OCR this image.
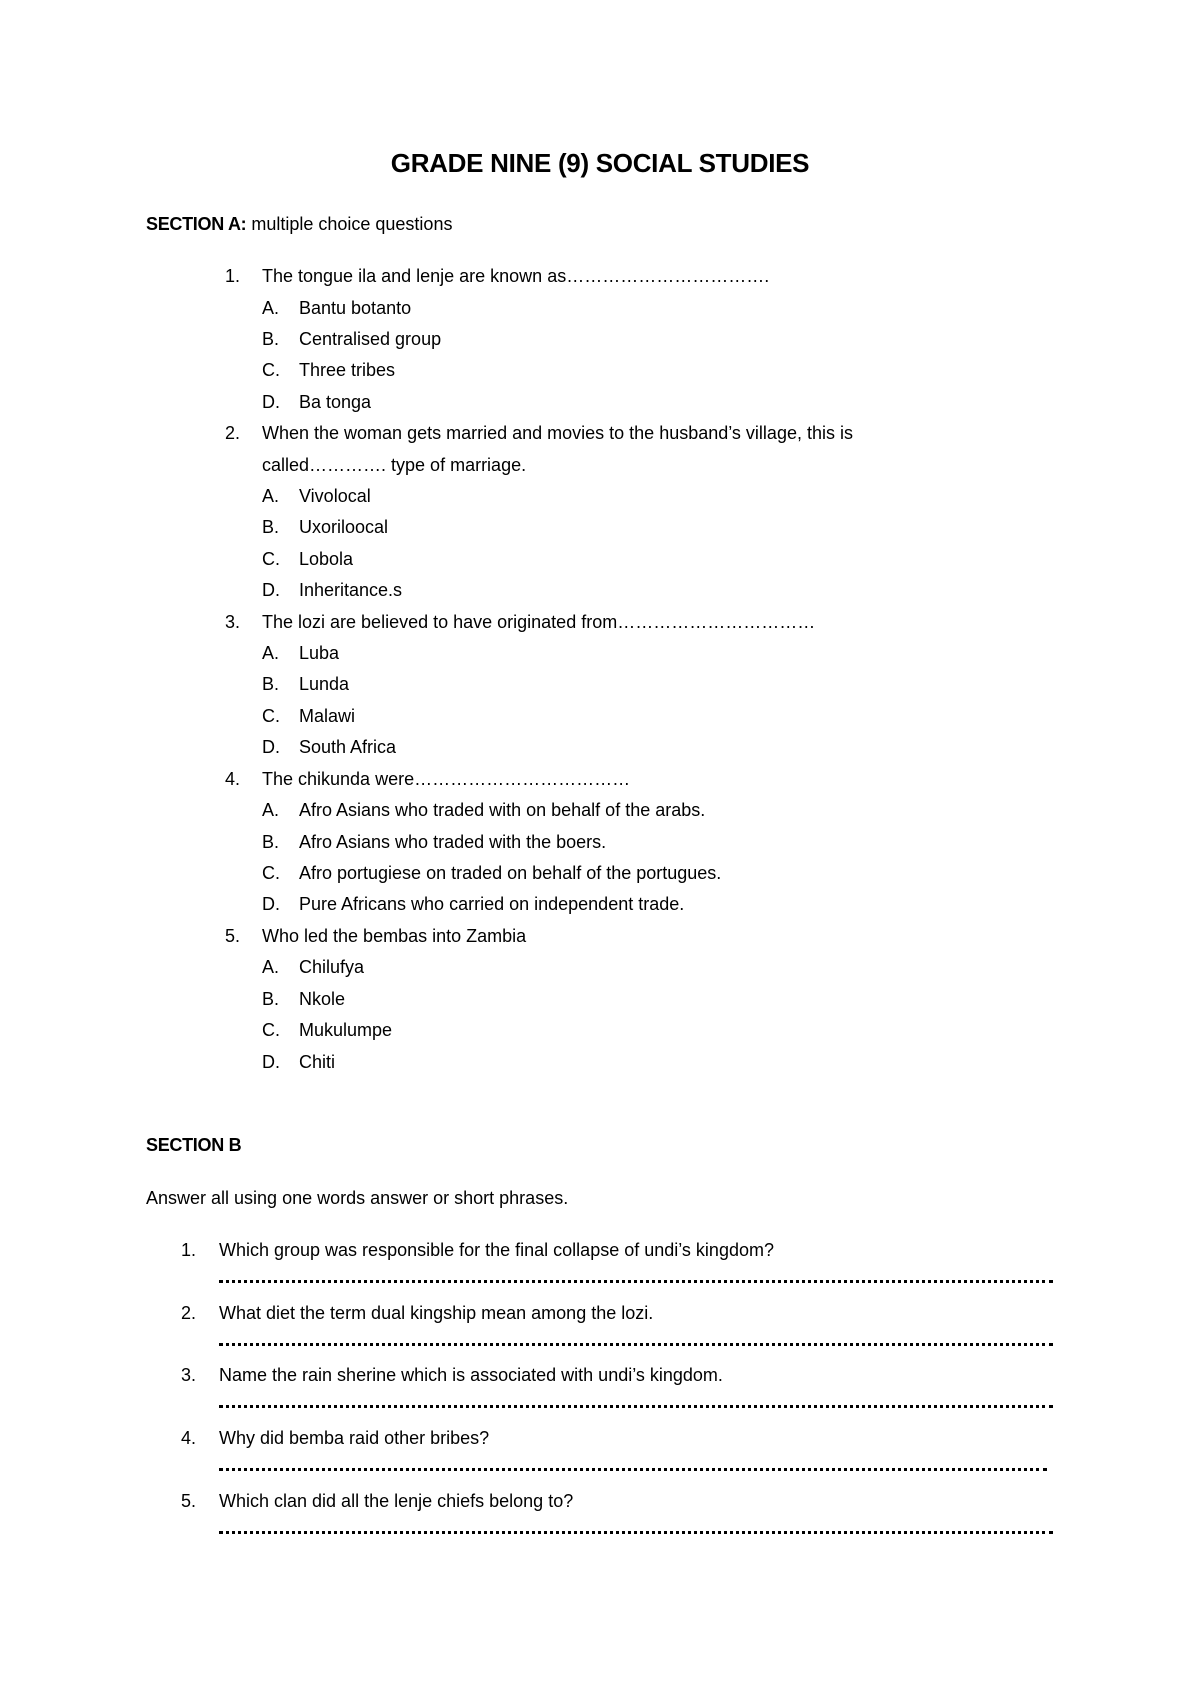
GRADE NINE (9) SOCIAL STUDIES
SECTION A: multiple choice questions
1. The tongue ila and lenje are known as…………………………….
A. Bantu botanto
B. Centralised group
C. Three tribes
D. Ba tonga
2. When the woman gets married and movies to the husband’s village, this is
called…………. type of marriage.
A. Vivolocal
B. Uxoriloocal
C. Lobola
D. Inheritance.s
3. The lozi are believed to have originated from……………………………
A. Luba
B. Lunda
C. Malawi
D. South Africa
4. The chikunda were………………………………
A. Afro Asians who traded with on behalf of the arabs.
B. Afro Asians who traded with the boers.
C. Afro portugiese on traded on behalf of the portugues.
D. Pure Africans who carried on independent trade.
5. Who led the bembas into Zambia
A. Chilufya
B. Nkole
C. Mukulumpe
D. Chiti
SECTION B
Answer all using one words answer or short phrases.
1. Which group was responsible for the final collapse of undi’s kingdom?
2. What diet the term dual kingship mean among the lozi.
3. Name the rain sherine which is associated with undi’s kingdom.
4. Why did bemba raid other bribes?
5. Which clan did all the lenje chiefs belong to?
